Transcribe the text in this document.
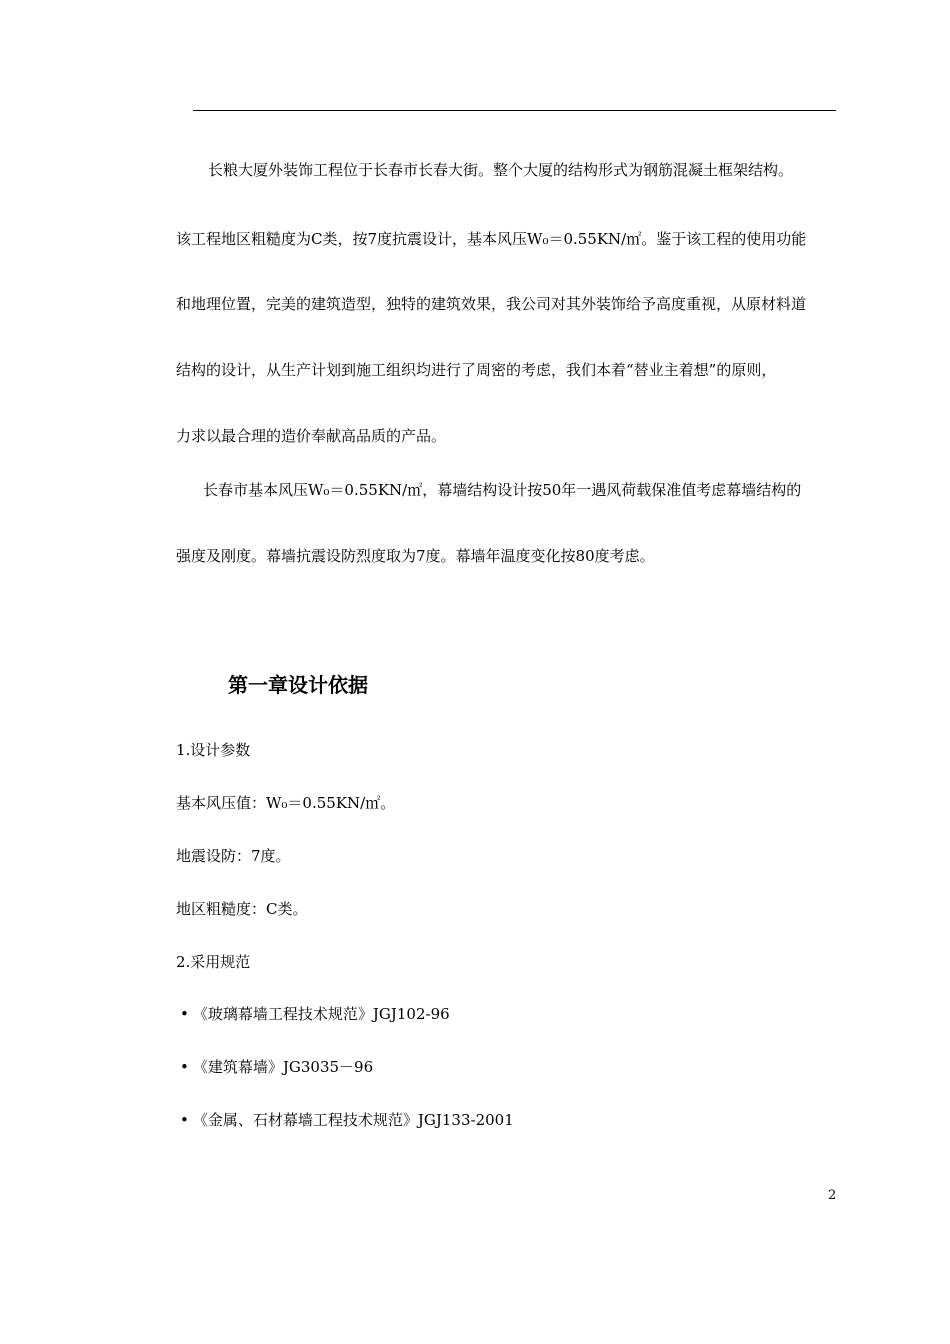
长粮大厦外装饰工程位于长春市长春大街。整个大厦的结构形式为钢筋混凝土框架结构。
该工程地区粗糙度为C类，按7度抗震设计，基本风压W₀＝0.55KN/㎡。鉴于该工程的使用功能
和地理位置，完美的建筑造型，独特的建筑效果，我公司对其外装饰给予高度重视，从原材料道
结构的设计，从生产计划到施工组织均进行了周密的考虑，我们本着“替业主着想”的原则，
力求以最合理的造价奉献高品质的产品。
长春市基本风压W₀＝0.55KN/㎡，幕墙结构设计按50年一遇风荷载保准值考虑幕墙结构的
强度及刚度。幕墙抗震设防烈度取为7度。幕墙年温度变化按80度考虑。
第一章设计依据
1.设计参数
基本风压值：W₀＝0.55KN/㎡。
地震设防：7度。
地区粗糙度：C类。
2.采用规范
• 《玻璃幕墙工程技术规范》JGJ102-96
• 《建筑幕墙》JG3035－96
• 《金属、石材幕墙工程技术规范》JGJ133-2001
2
